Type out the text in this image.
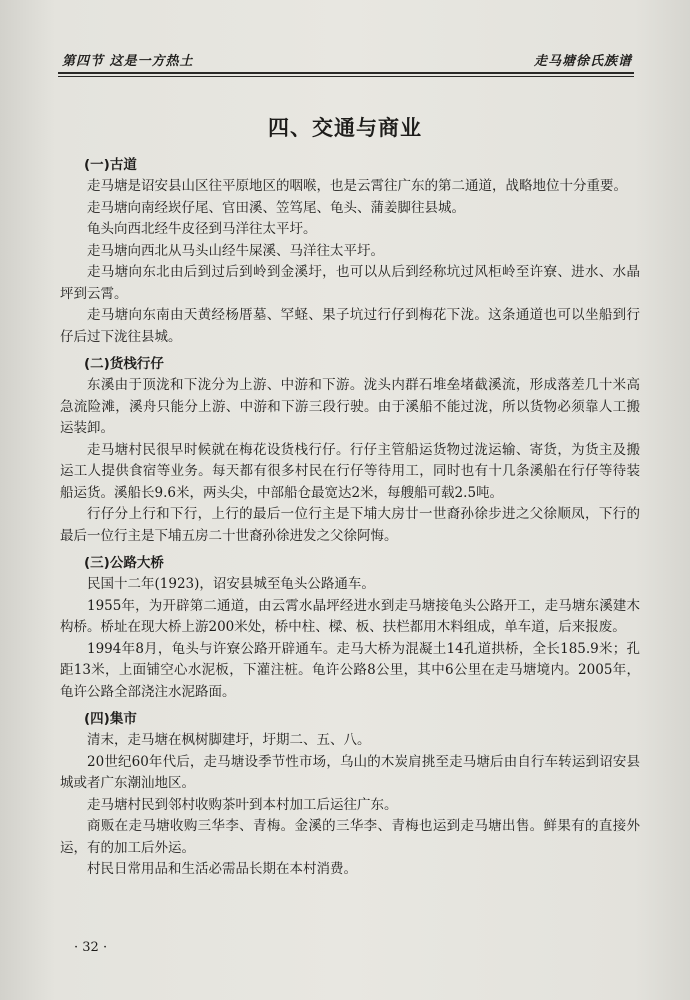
第四节 这是一方热土	走马塘徐氏族谱
四、交通与商业
(一)古道

走马塘是诏安县山区往平原地区的咽喉，也是云霄往广东的第二通道，战略地位十分重要。

走马塘向南经崁仔尾、官田溪、笠笃尾、龟头、蒲姜脚往县城。

龟头向西北经牛皮径到马洋往太平圩。

走马塘向西北从马头山经牛屎溪、马洋往太平圩。

走马塘向东北由后到过后到岭到金溪圩，也可以从后到经称坑过风柜岭至许寮、进水、水晶坪到云霄。

走马塘向东南由天黄经杨厝墓、罕蛏、果子坑过行仔到梅花下泷。这条通道也可以坐船到行仔后过下泷往县城。

(二)货栈行仔

东溪由于顶泷和下泷分为上游、中游和下游。泷头内群石堆垒堵截溪流，形成落差几十米高急流险滩，溪舟只能分上游、中游和下游三段行驶。由于溪船不能过泷，所以货物必须靠人工搬运装卸。

走马塘村民很早时候就在梅花设货栈行仔。行仔主管船运货物过泷运输、寄货，为货主及搬运工人提供食宿等业务。每天都有很多村民在行仔等待用工，同时也有十几条溪船在行仔等待装船运货。溪船长9.6米，两头尖，中部船仓最宽达2米，每艘船可载2.5吨。

行仔分上行和下行，上行的最后一位行主是下埔大房廿一世裔孙徐步进之父徐顺凤，下行的最后一位行主是下埔五房二十世裔孙徐进发之父徐阿悔。

(三)公路大桥

民国十二年(1923)，诏安县城至龟头公路通车。

1955年，为开辟第二通道，由云霄水晶坪经进水到走马塘接龟头公路开工，走马塘东溪建木构桥。桥址在现大桥上游200米处，桥中柱、樑、板、扶栏都用木料组成，单车道，后来报废。

1994年8月，龟头与许寮公路开辟通车。走马大桥为混凝土14孔道拱桥，全长185.9米；孔距13米，上面铺空心水泥板，下灌注桩。龟许公路8公里，其中6公里在走马塘境内。2005年，龟许公路全部浇注水泥路面。

(四)集市

清末，走马塘在枫树脚建圩，圩期二、五、八。

20世纪60年代后，走马塘设季节性市场，乌山的木炭肩挑至走马塘后由自行车转运到诏安县城或者广东潮汕地区。

走马塘村民到邻村收购茶叶到本村加工后运往广东。

商贩在走马塘收购三华李、青梅。金溪的三华李、青梅也运到走马塘出售。鲜果有的直接外运，有的加工后外运。

村民日常用品和生活必需品长期在本村消费。

· 32 ·
